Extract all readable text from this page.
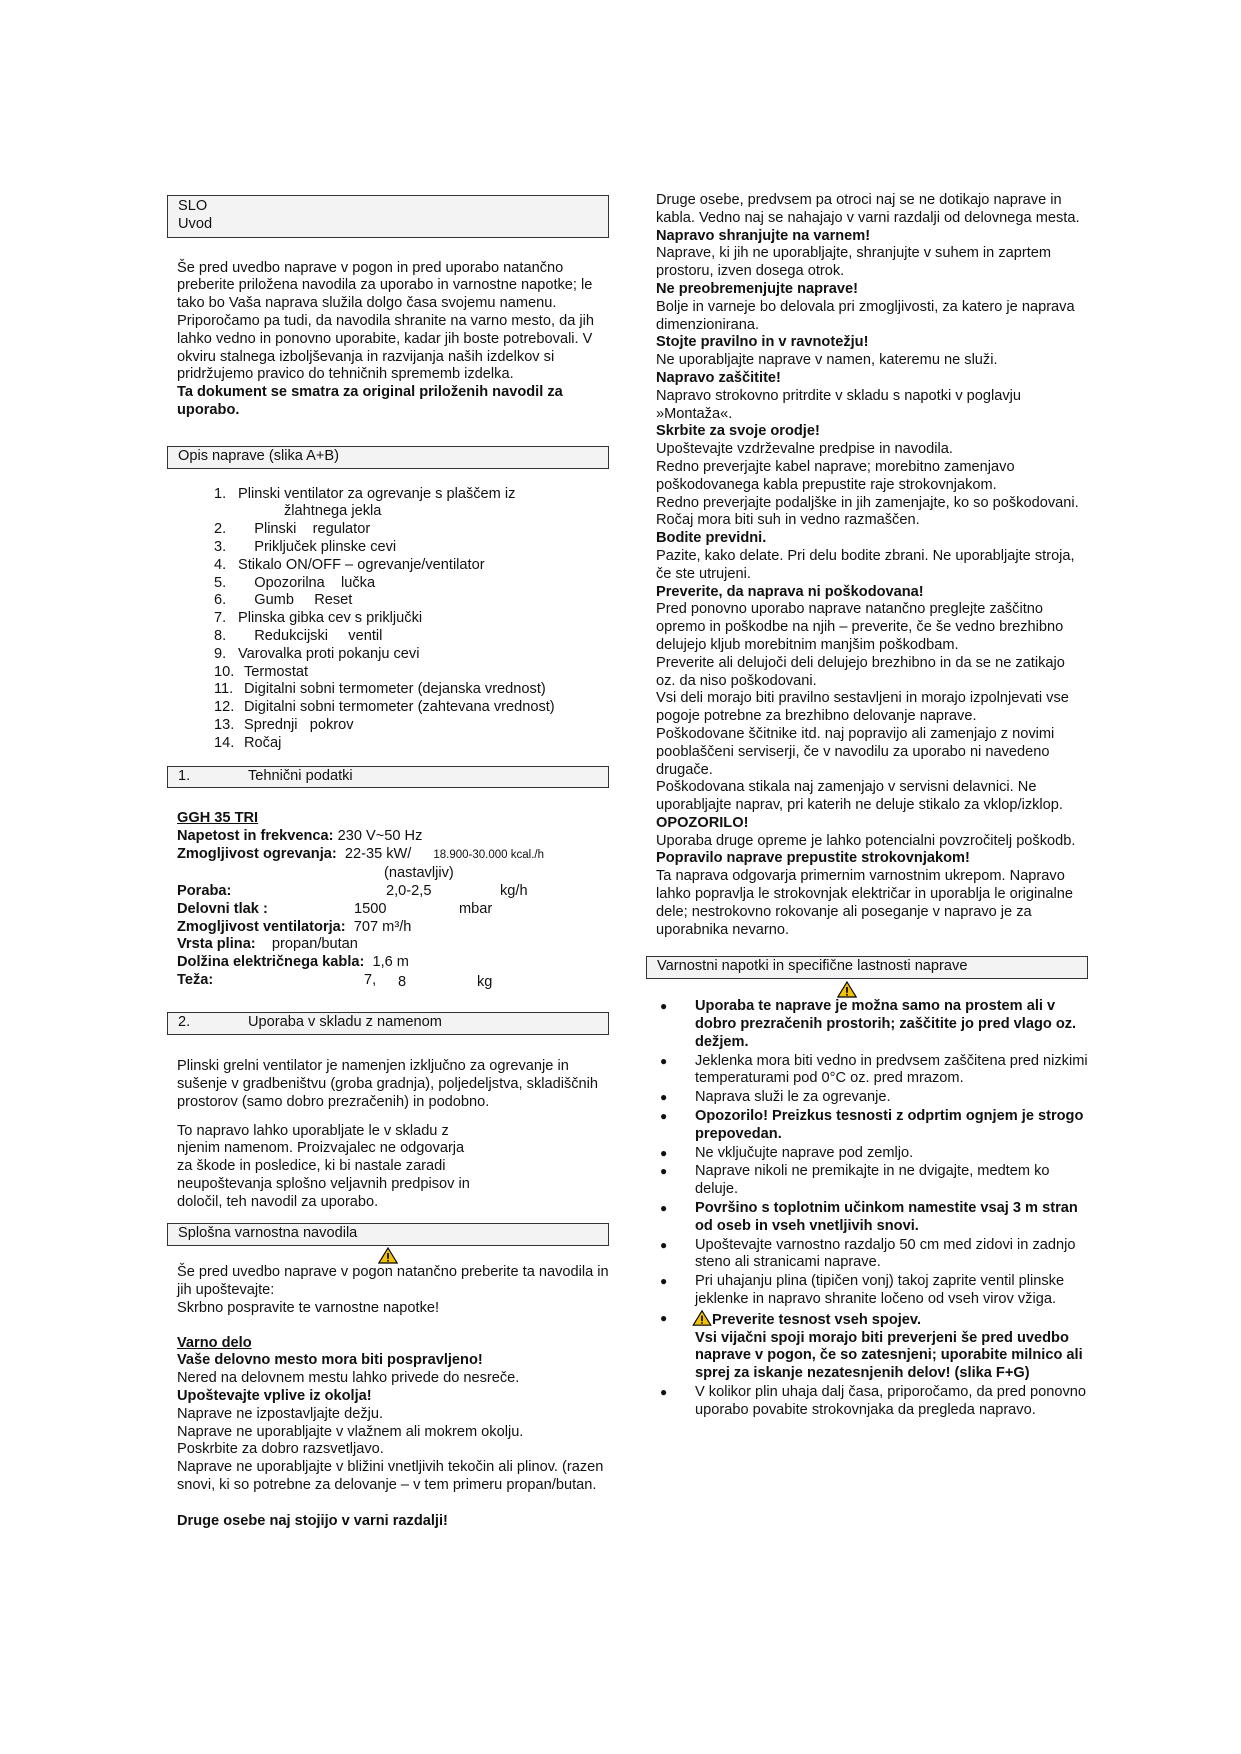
SLO
Uvod

Še pred uvedbo naprave v pogon in pred uporabo natančno preberite priložena navodila za uporabo in varnostne napotke; le tako bo Vaša naprava služila dolgo časa svojemu namenu. Priporočamo pa tudi, da navodila shranite na varno mesto, da jih lahko vedno in ponovno uporabite, kadar jih boste potrebovali. V okviru stalnega izboljševanja in razvijanja naših izdelkov si pridržujemo pravico do tehničnih sprememb izdelka.

Ta dokument se smatra za original priloženih navodil za uporabo.

Opis naprave (slika A+B)
1. Plinski ventilator za ogrevanje s plaščem iz
žlahtnega jekla
2. Plinski    regulator
3. Priključek plinske cevi
4. Stikalo ON/OFF – ogrevanje/ventilator
5. Opozorilna    lučka
6. Gumb     Reset
7. Plinska gibka cev s priključki
8. Redukcijski     ventil
9. Varovalka proti pokanju cevi
10. Termostat
11. Digitalni sobni termometer (dejanska vrednost)
12. Digitalni sobni termometer (zahtevana vrednost)
13. Sprednji   pokrov
14. Ročaj
1.	Tehnični podatki
GGH 35 TRI
Napetost in frekvenca: 230 V~50 Hz
Zmogljivost ogrevanja: 22-35 kW/ 18.900-30.000 kcal./h
(nastavljiv)
Poraba:	2,0-2,5	kg/h
Delovni tlak :	1500	mbar
Zmogljivost ventilatorja: 707 m³/h
Vrsta plina: propan/butan
Dolžina električnega kabla: 1,6 m
Teža:	7, 8	kg
2.	Uporaba v skladu z namenom

Plinski grelni ventilator je namenjen izključno za ogrevanje in sušenje v gradbeništvu (groba gradnja), poljedeljstva, skladiščnih prostorov (samo dobro prezračenih) in podobno.

To napravo lahko uporabljate le v skladu z
njenim namenom. Proizvajalec ne odgovarja
za škode in posledice, ki bi nastale zaradi
neupoštevanja splošno veljavnih predpisov in
določil, teh navodil za uporabo.
Splošna varnostna navodila

Še pred uvedbo naprave v pogon natančno preberite ta navodila in jih upoštevajte:

Skrbno pospravite te varnostne napotke!

Varno delo

Vaše delovno mesto mora biti pospravljeno!

Nered na delovnem mestu lahko privede do nesreče.

Upoštevajte vplive iz okolja!

Naprave ne izpostavljajte dežju.

Naprave ne uporabljajte v vlažnem ali mokrem okolju.

Poskrbite za dobro razsvetljavo.

Naprave ne uporabljajte v bližini vnetljivih tekočin ali plinov. (razen snovi, ki so potrebne za delovanje – v tem primeru propan/butan.

Druge osebe naj stojijo v varni razdalji!

Druge osebe, predvsem pa otroci naj se ne dotikajo naprave in kabla. Vedno naj se nahajajo v varni razdalji od delovnega mesta.

Napravo shranjujte na varnem!

Naprave, ki jih ne uporabljajte, shranjujte v suhem in zaprtem prostoru, izven dosega otrok.

Ne preobremenjujte naprave!

Bolje in varneje bo delovala pri zmogljivosti, za katero je naprava dimenzionirana.

Stojte pravilno in v ravnotežju!

Ne uporabljajte naprave v namen, kateremu ne služi.

Napravo zaščitite!

Napravo strokovno pritrdite v skladu s napotki v poglavju »Montaža«.

Skrbite za svoje orodje!

Upoštevajte vzdrževalne predpise in navodila.

Redno preverjajte kabel naprave; morebitno zamenjavo poškodovanega kabla prepustite raje strokovnjakom.

Redno preverjajte podaljške in jih zamenjajte, ko so poškodovani. Ročaj mora biti suh in vedno razmaščen.

Bodite previdni.

Pazite, kako delate. Pri delu bodite zbrani. Ne uporabljajte stroja, če ste utrujeni.

Preverite, da naprava ni poškodovana!

Pred ponovno uporabo naprave natančno preglejte zaščitno opremo in poškodbe na njih – preverite, če še vedno brezhibno delujejo kljub morebitnim manjšim poškodbam.

Preverite ali delujoči deli delujejo brezhibno in da se ne zatikajo oz. da niso poškodovani.

Vsi deli morajo biti pravilno sestavljeni in morajo izpolnjevati vse pogoje potrebne za brezhibno delovanje naprave.

Poškodovane ščitnike itd. naj popravijo ali zamenjajo z novimi pooblaščeni serviserji, če v navodilu za uporabo ni navedeno drugače.

Poškodovana stikala naj zamenjajo v servisni delavnici. Ne uporabljajte naprav, pri katerih ne deluje stikalo za vklop/izklop.

OPOZORILO!

Uporaba druge opreme je lahko potencialni povzročitelj poškodb.

Popravilo naprave prepustite strokovnjakom!

Ta naprava odgovarja primernim varnostnim ukrepom. Napravo lahko popravlja le strokovnjak električar in uporablja le originalne dele; nestrokovno rokovanje ali poseganje v napravo je za uporabnika nevarno.

Varnostni napotki in specifične lastnosti naprave
●	Uporaba te naprave je možna samo na prostem ali v dobro prezračenih prostorih; zaščitite jo pred vlago oz. dežjem.
●	Jeklenka mora biti vedno in predvsem zaščitena pred nizkimi temperaturami pod 0°C oz. pred mrazom.
●	Naprava služi le za ogrevanje.
●	Opozorilo! Preizkus tesnosti z odprtim ognjem je strogo prepovedan.
●	Ne vključujte naprave pod zemljo.
●	Naprave nikoli ne premikajte in ne dvigajte, medtem ko deluje.
●	Površino s toplotnim učinkom namestite vsaj 3 m stran od oseb in vseh vnetljivih snovi.
●	Upoštevajte varnostno razdaljo 50 cm med zidovi in zadnjo steno ali stranicami naprave.
●	Pri uhajanju plina (tipičen vonj) takoj zaprite ventil plinske jeklenke in napravo shranite ločeno od vseh virov vžiga.
●	Preverite tesnost vseh spojev.
Vsi vijačni spoji morajo biti preverjeni še pred uvedbo naprave v pogon, če so zatesnjeni; uporabite milnico ali sprej za iskanje nezatesnjenih delov! (slika F+G)
●	V kolikor plin uhaja dalj časa, priporočamo, da pred ponovno uporabo povabite strokovnjaka da pregleda napravo.
